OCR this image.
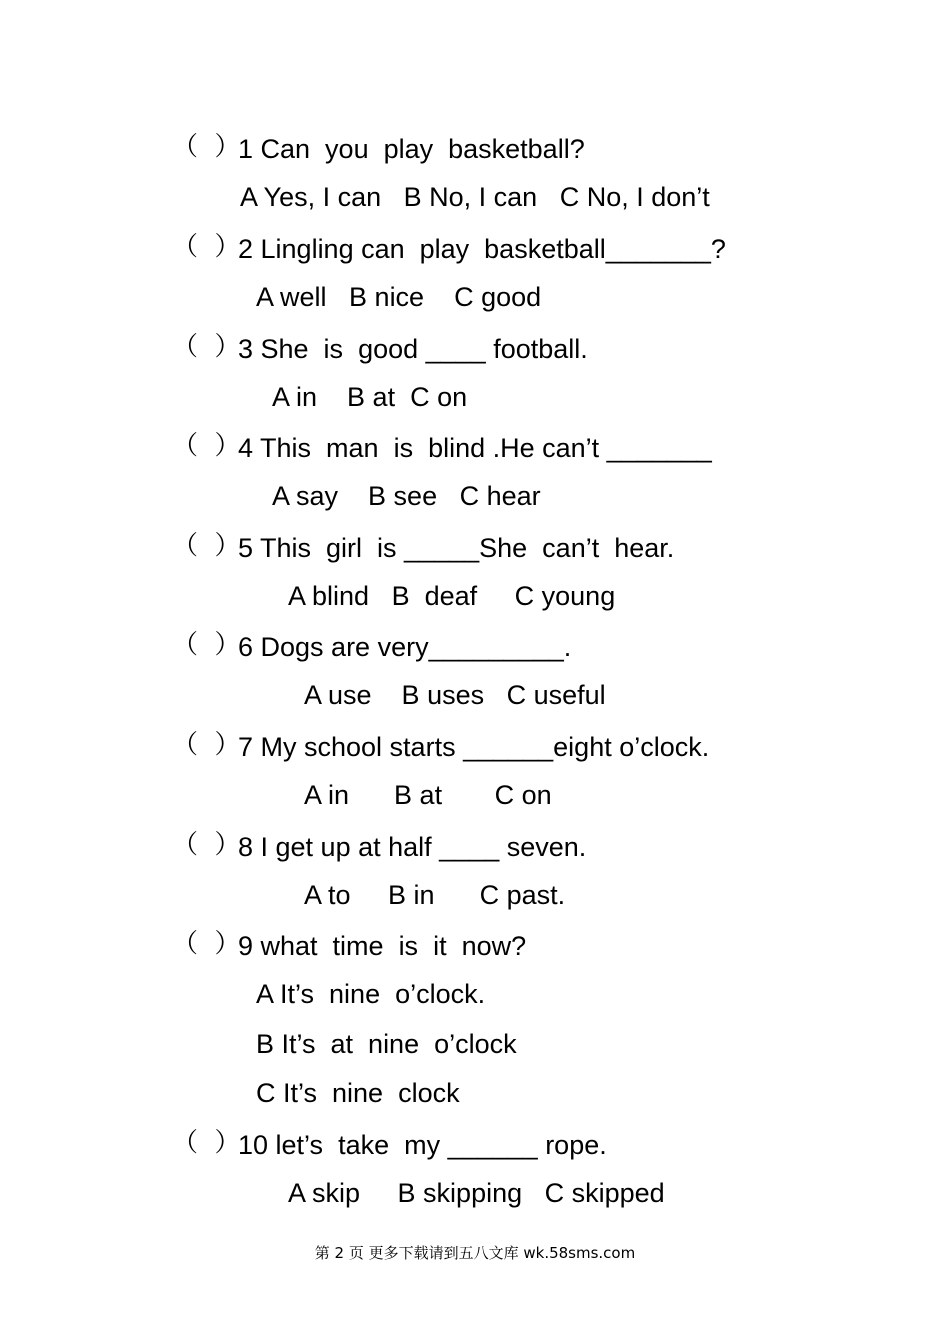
（  ）
1 Can  you  play  basketball?
A Yes, I can   B No, I can   C No, I don’t
（  ）
2 Lingling can  play  basketball_______?
A well   B nice    C good
（  ）
3 She  is  good ____ football.
A in    B at  C on
（  ）
4 This  man  is  blind .He can’t _______
A say    B see   C hear
（  ）
5 This  girl  is _____She  can’t  hear.
A blind   B  deaf     C young
（  ）
6 Dogs are very_________.
A use    B uses   C useful
（  ）
7 My school starts ______eight o’clock.
A in      B at       C on
（  ）
8 I get up at half ____ seven.
A to     B in      C past.
（  ）
9 what  time  is  it  now?
A It’s  nine  o’clock.
B It’s  at  nine  o’clock
C It’s  nine  clock
（  ）
10 let’s  take  my ______ rope.
A skip     B skipping   C skipped
第 2 页 更多下载请到五八文库 wk.58sms.com
